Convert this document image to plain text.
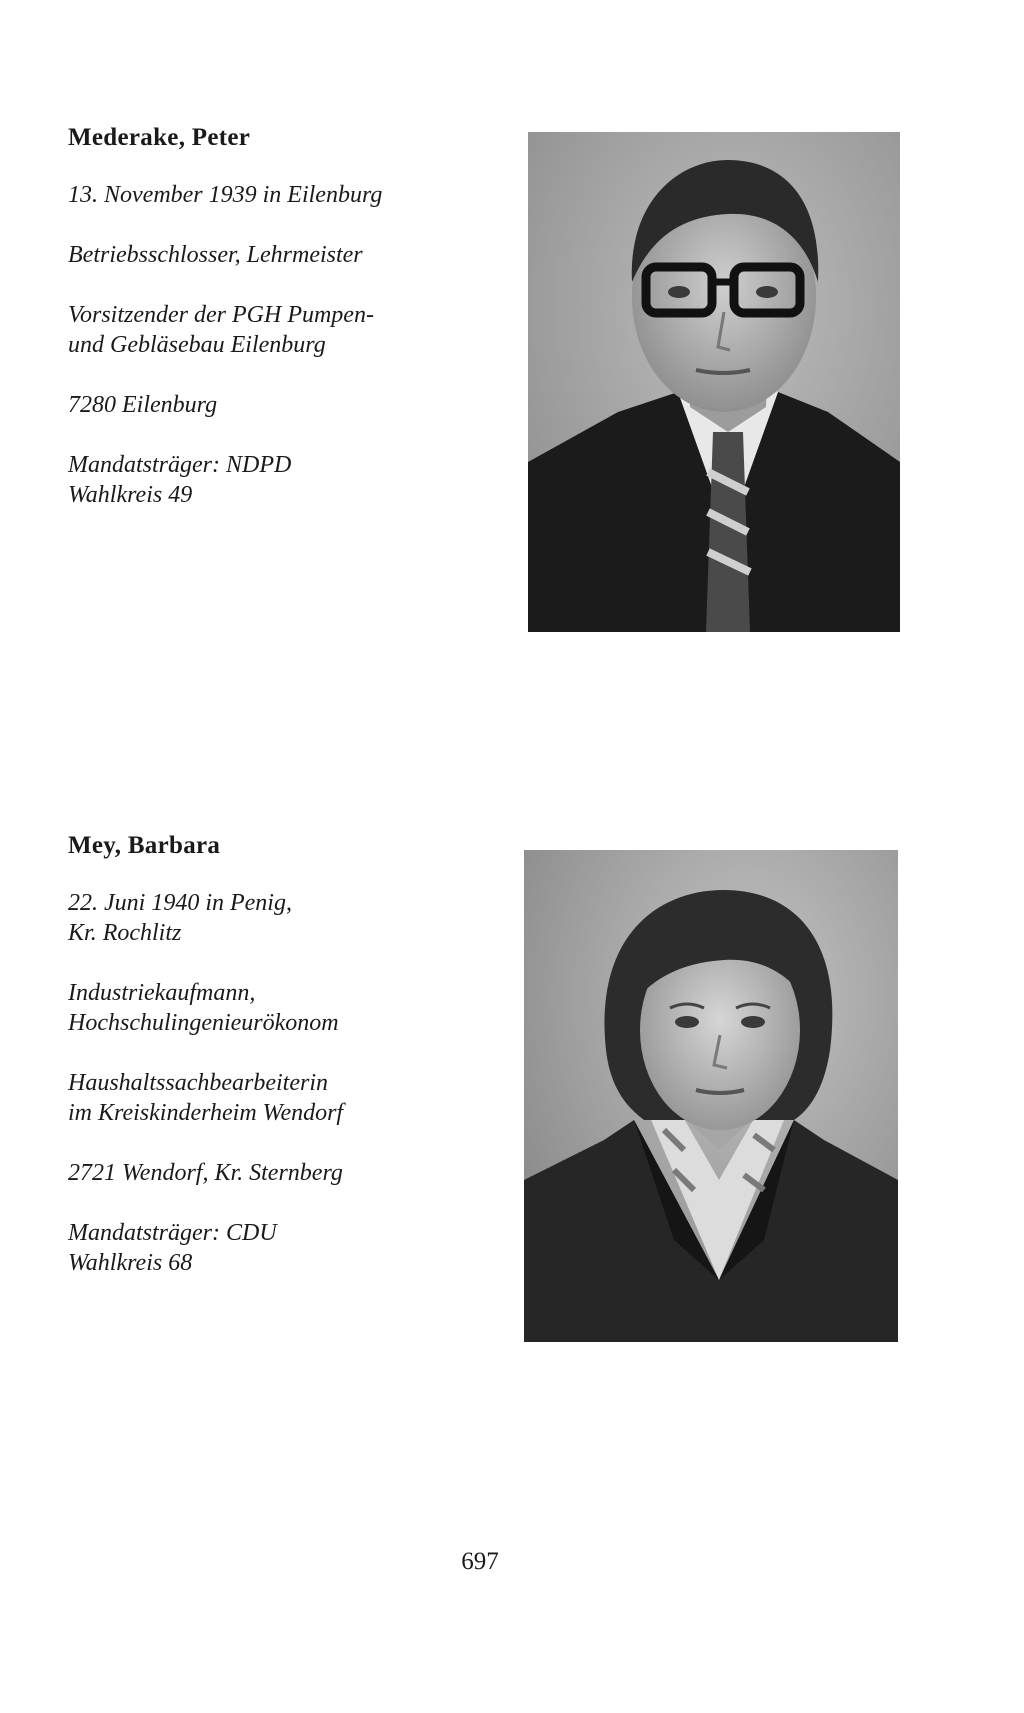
Mederake, Peter
13. November 1939 in Eilenburg
Betriebsschlosser, Lehrmeister
Vorsitzender der PGH Pumpen-
und Gebläsebau Eilenburg
7280 Eilenburg
Mandatsträger: NDPD
Wahlkreis 49
Mey, Barbara
22. Juni 1940 in Penig,
Kr. Rochlitz
Industriekaufmann,
Hochschulingenieurökonom
Haushaltssachbearbeiterin
im Kreiskinderheim Wendorf
2721 Wendorf, Kr. Sternberg
Mandatsträger: CDU
Wahlkreis 68
697
